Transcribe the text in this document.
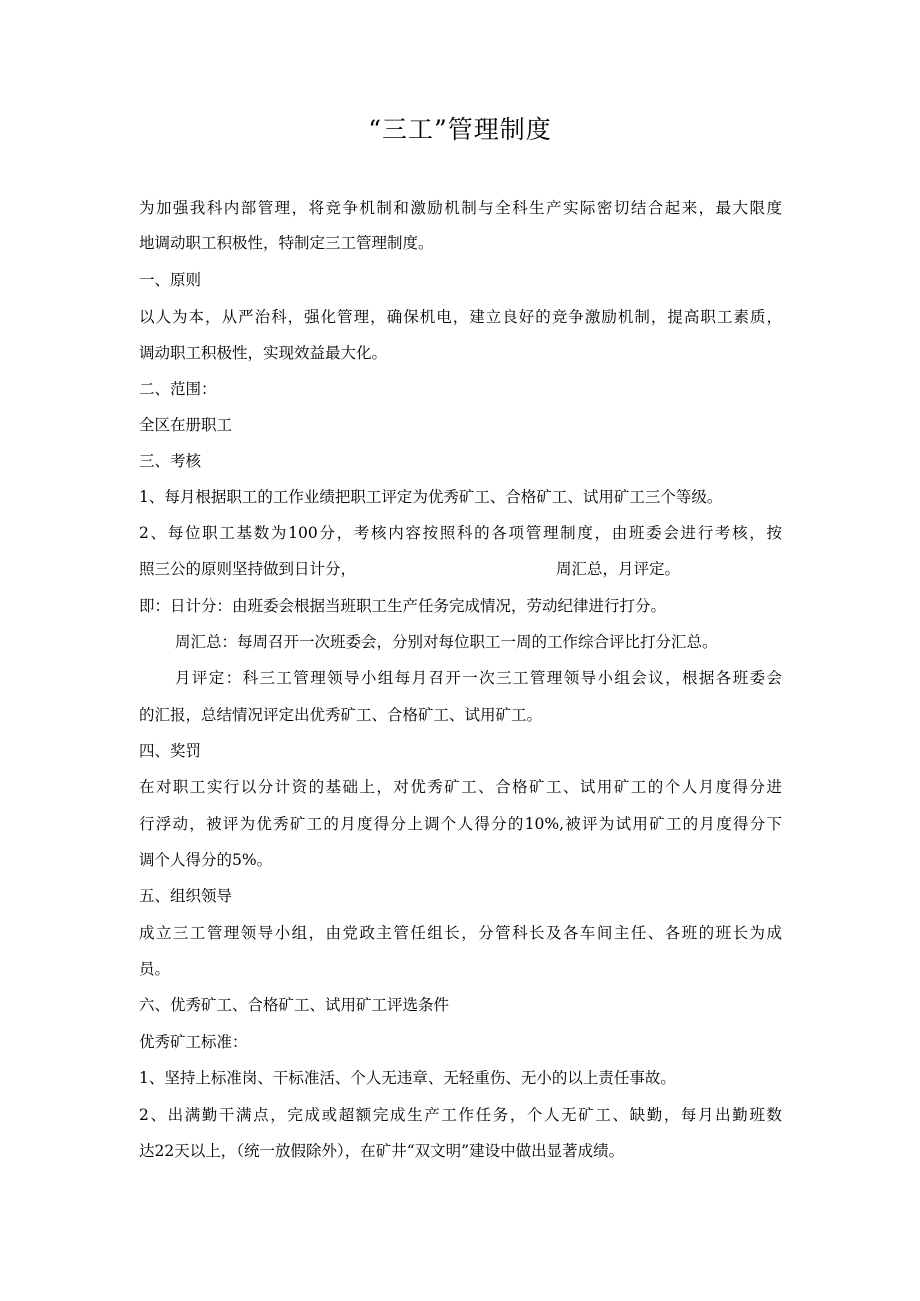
“三工”管理制度
为加强我科内部管理，将竞争机制和激励机制与全科生产实际密切结合起来，最大限度
地调动职工积极性，特制定三工管理制度。
一、原则
以人为本，从严治科，强化管理，确保机电，建立良好的竞争激励机制，提高职工素质，
调动职工积极性，实现效益最大化。
二、范围：
全区在册职工
三、考核
1、每月根据职工的工作业绩把职工评定为优秀矿工、合格矿工、试用矿工三个等级。
2、每位职工基数为100分，考核内容按照科的各项管理制度，由班委会进行考核，按
照三公的原则坚持做到日计分，	周汇总，月评定。
即：日计分：由班委会根据当班职工生产任务完成情况，劳动纪律进行打分。
周汇总：每周召开一次班委会，分别对每位职工一周的工作综合评比打分汇总。
月评定：科三工管理领导小组每月召开一次三工管理领导小组会议，根据各班委会
的汇报，总结情况评定出优秀矿工、合格矿工、试用矿工。
四、奖罚
在对职工实行以分计资的基础上，对优秀矿工、合格矿工、试用矿工的个人月度得分进
行浮动，被评为优秀矿工的月度得分上调个人得分的10%,被评为试用矿工的月度得分下
调个人得分的5%。
五、组织领导
成立三工管理领导小组，由党政主管任组长，分管科长及各车间主任、各班的班长为成
员。
六、优秀矿工、合格矿工、试用矿工评选条件
优秀矿工标准：
1、坚持上标准岗、干标准活、个人无违章、无轻重伤、无小的以上责任事故。
2、出满勤干满点，完成或超额完成生产工作任务，个人无矿工、缺勤，每月出勤班数
达22天以上，（统一放假除外），在矿井“双文明”建设中做出显著成绩。
